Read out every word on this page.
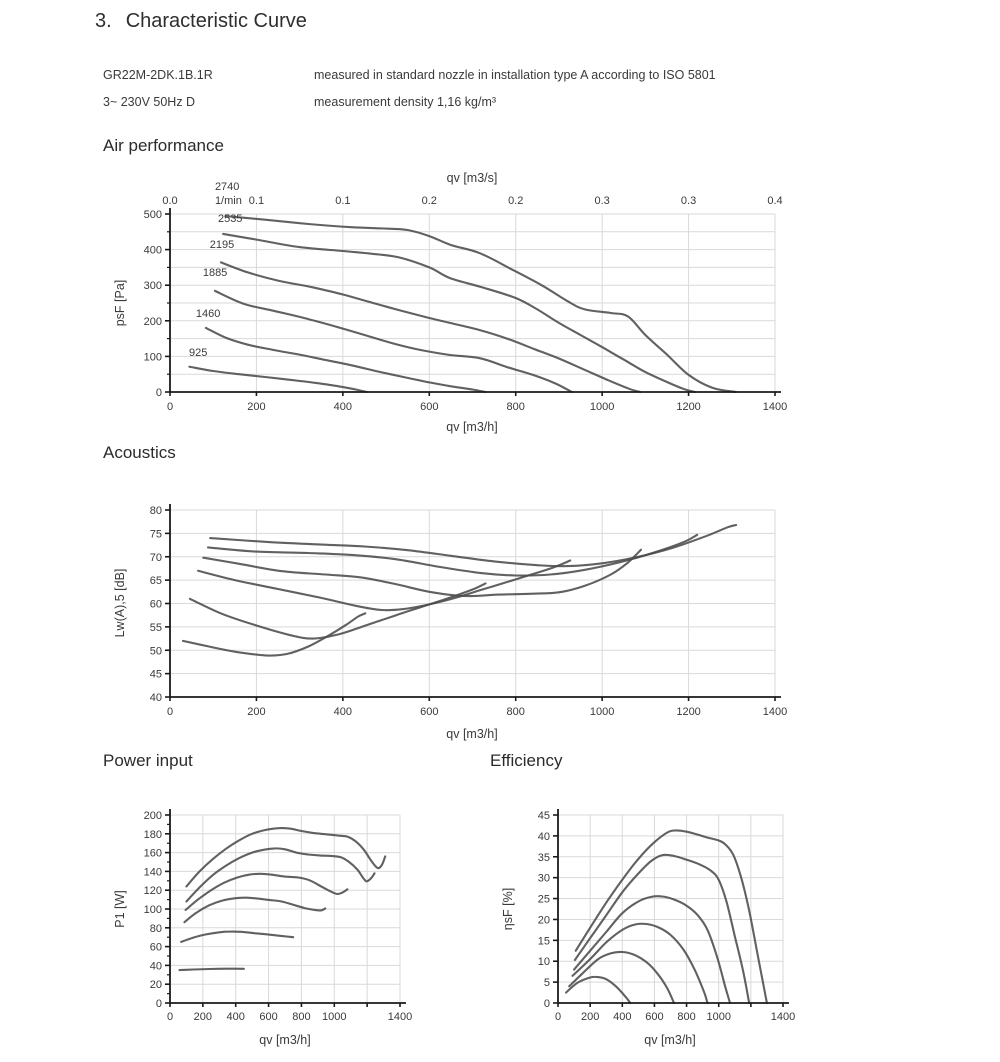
3. Characteristic Curve
GR22M-2DK.1B.1R	measured in standard nozzle in installation type A according to ISO 5801
3~ 230V 50Hz D	measurement density 1,16 kg/m³
Air performance
0	200	400	600	800	1000	1200	1400
0
100
200
300
400
500
0.0	0.1	0.1	0.2	0.2	0.3	0.3	0.4
qv [m3/s]
qv [m3/h]
psF [Pa]
2740
1/min
2535
2195
1885
1460
925
Acoustics
0	200	400	600	800	1000	1200	1400
40
45
50
55
60
65
70
75
80
qv [m3/h]
Lw(A),5 [dB]
Power input
0 200 400 600 800 1000	1400
0
20
40
60
80
100
120
140
160
180
200
qv [m3/h]
P1 [W]
Efficiency
0 200 400 600 800 1000	1400
0
5
10
15
20
25
30
35
40
45
qv [m3/h]
ηsF [%]
